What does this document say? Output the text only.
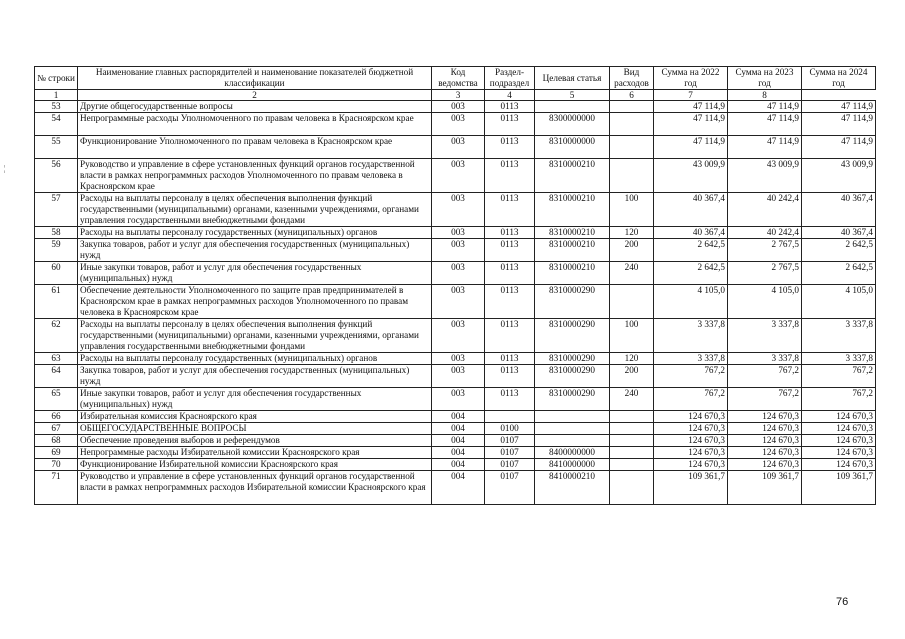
¦
№ строки	Наименование главных распорядителей и наименование показателей бюджетной классификации	Код ведомства	Раздел-подраздел	Целевая статья	Вид расходов	Сумма на 2022 год	Сумма на 2023 год	Сумма на 2024 год
1	2	3	4	5	6	7	8
53	Другие общегосударственные вопросы	003	0113			47 114,9	47 114,9	47 114,9
54	Непрограммные расходы Уполномоченного по правам человека в Красноярском крае	003	0113	8300000000		47 114,9	47 114,9	47 114,9
55	Функционирование Уполномоченного по правам человека в Красноярском крае	003	0113	8310000000		47 114,9	47 114,9	47 114,9
56	Руководство и управление в сфере установленных функций органов государственной власти в рамках непрограммных расходов Уполномоченного по правам человека в Красноярском крае	003	0113	8310000210		43 009,9	43 009,9	43 009,9
57	Расходы на выплаты персоналу в целях обеспечения выполнения функций государственными (муниципальными) органами, казенными учреждениями, органами управления государственными внебюджетными фондами	003	0113	8310000210	100	40 367,4	40 242,4	40 367,4
58	Расходы на выплаты персоналу государственных (муниципальных) органов	003	0113	8310000210	120	40 367,4	40 242,4	40 367,4
59	Закупка товаров, работ и услуг для обеспечения государственных (муниципальных) нужд	003	0113	8310000210	200	2 642,5	2 767,5	2 642,5
60	Иные закупки товаров, работ и услуг для обеспечения государственных (муниципальных) нужд	003	0113	8310000210	240	2 642,5	2 767,5	2 642,5
61	Обеспечение деятельности Уполномоченного по защите прав предпринимателей в Красноярском крае в рамках непрограммных расходов Уполномоченного по правам человека в Красноярском крае	003	0113	8310000290		4 105,0	4 105,0	4 105,0
62	Расходы на выплаты персоналу в целях обеспечения выполнения функций государственными (муниципальными) органами, казенными учреждениями, органами управления государственными внебюджетными фондами	003	0113	8310000290	100	3 337,8	3 337,8	3 337,8
63	Расходы на выплаты персоналу государственных (муниципальных) органов	003	0113	8310000290	120	3 337,8	3 337,8	3 337,8
64	Закупка товаров, работ и услуг для обеспечения государственных (муниципальных) нужд	003	0113	8310000290	200	767,2	767,2	767,2
65	Иные закупки товаров, работ и услуг для обеспечения государственных (муниципальных) нужд	003	0113	8310000290	240	767,2	767,2	767,2
66	Избирательная комиссия Красноярского края	004				124 670,3	124 670,3	124 670,3
67	ОБЩЕГОСУДАРСТВЕННЫЕ ВОПРОСЫ	004	0100			124 670,3	124 670,3	124 670,3
68	Обеспечение проведения выборов и референдумов	004	0107			124 670,3	124 670,3	124 670,3
69	Непрограммные расходы Избирательной комиссии Красноярского края	004	0107	8400000000		124 670,3	124 670,3	124 670,3
70	Функционирование Избирательной комиссии Красноярского края	004	0107	8410000000		124 670,3	124 670,3	124 670,3
71	Руководство и управление в сфере установленных функций органов государственной власти в рамках непрограммных расходов Избирательной комиссии Красноярского края	004	0107	8410000210		109 361,7	109 361,7	109 361,7
76
